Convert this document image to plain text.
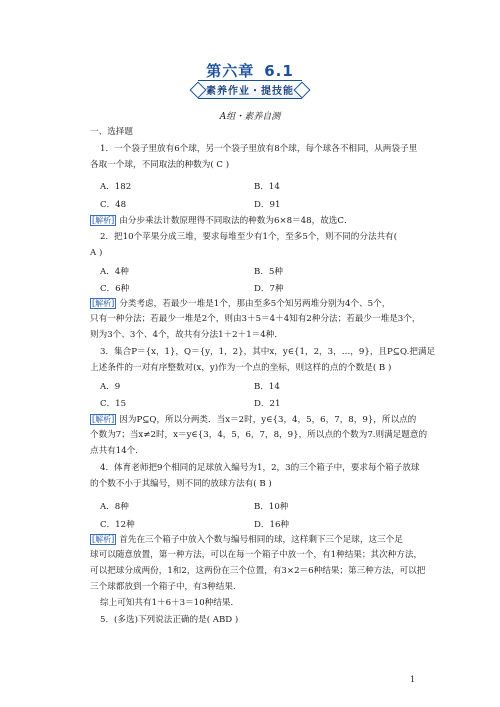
第六章 6.1
素养作业・提技能
A组・素养自测
一、选择题
1．一个袋子里放有6个球，另一个袋子里放有8个球，每个球各不相同，从两袋子里
各取一个球，不同取法的种数为( C )
A．182	B．14
C．48	D．91
[解析] 由分步乘法计数原理得不同取法的种数为6×8＝48，故选C．
2．把10个苹果分成三堆，要求每堆至少有1个，至多5个，则不同的分法共有(
A )
A．4种	B．5种
C．6种	D．7种
[解析] 分类考虑，若最少一堆是1个，那由至多5个知另两堆分别为4个、5个，
只有一种分法；若最少一堆是2个，则由3＋5＝4＋4知有2种分法；若最少一堆是3个，
则为3个、3个、4个，故共有分法1＋2＋1＝4种．
3．集合P＝{x，1}，Q＝{y，1，2}，其中x，y∈{1，2，3，…，9}，且P⊆Q.把满足
上述条件的一对有序整数对(x，y)作为一个点的坐标，则这样的点的个数是( B )
A．9	B．14
C．15	D．21
[解析] 因为P⊆Q，所以分两类．当x＝2时，y∈{3，4，5，6，7，8，9}，所以点的
个数为7；当x≠2时，x＝y∈{3，4，5，6，7，8，9}，所以点的个数为7.则满足题意的
点共有14个．
4．体育老师把9个相同的足球放入编号为1，2，3的三个箱子中，要求每个箱子放球
的个数不小于其编号，则不同的放球方法有( B )
A．8种	B．10种
C．12种	D．16种
[解析] 首先在三个箱子中放入个数与编号相同的球，这样剩下三个足球，这三个足
球可以随意放置，第一种方法，可以在每一个箱子中放一个，有1种结果；其次种方法，
可以把球分成两份，1和2，这两份在三个位置，有3×2＝6种结果；第三种方法，可以把
三个球都放到一个箱子中，有3种结果．
综上可知共有1＋6＋3＝10种结果．
5．(多选)下列说法正确的是( ABD )
1
